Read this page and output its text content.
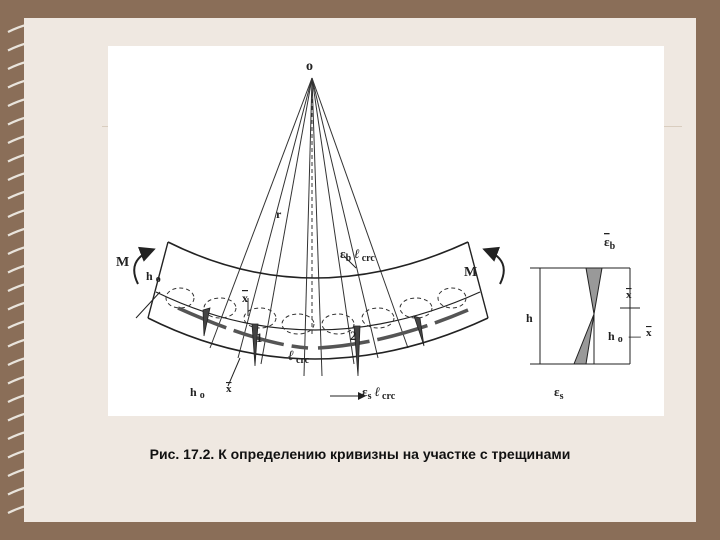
o
r
M
M
h o
x
1	2
ℓ $_{crc}$
$\varepsilon_b$ ℓ $_{crc}$
$\varepsilon_s$ ℓ $_{crc}$
h o
x
$\varepsilon_b$
h
x
h o — x
$\varepsilon_s$
Рис. 17.2. К определению кривизны на участке с трещинами
